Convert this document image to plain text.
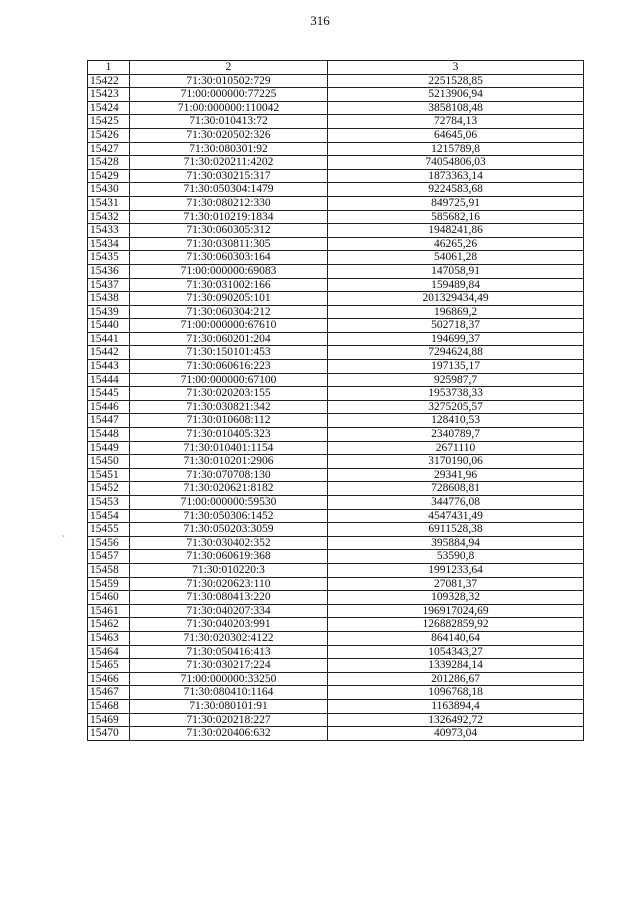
316
`
1	2	3
15422	71:30:010502:729	2251528,85
15423	71:00:000000:77225	5213906,94
15424	71:00:000000:110042	3858108,48
15425	71:30:010413:72	72784,13
15426	71:30:020502:326	64645,06
15427	71:30:080301:92	1215789,8
15428	71:30:020211:4202	74054806,03
15429	71:30:030215:317	1873363,14
15430	71:30:050304:1479	9224583,68
15431	71:30:080212:330	849725,91
15432	71:30:010219:1834	585682,16
15433	71:30:060305:312	1948241,86
15434	71:30:030811:305	46265,26
15435	71:30:060303:164	54061,28
15436	71:00:000000:69083	147058,91
15437	71:30:031002:166	159489,84
15438	71:30:090205:101	201329434,49
15439	71:30:060304:212	196869,2
15440	71:00:000000:67610	502718,37
15441	71:30:060201:204	194699,37
15442	71:30:150101:453	7294624,88
15443	71:30:060616:223	197135,17
15444	71:00:000000:67100	925987,7
15445	71:30:020203:155	1953738,33
15446	71:30:030821:342	3275205,57
15447	71:30:010608:112	128410,53
15448	71:30:010405:323	2340789,7
15449	71:30:010401:1154	2671110
15450	71:30:010201:2906	3170190,06
15451	71:30:070708:130	29341,96
15452	71:30:020621:8182	728608,81
15453	71:00:000000:59530	344776,08
15454	71:30:050306:1452	4547431,49
15455	71:30:050203:3059	6911528,38
15456	71:30:030402:352	395884,94
15457	71:30:060619:368	53590,8
15458	71:30:010220:3	1991233,64
15459	71:30:020623:110	27081,37
15460	71:30:080413:220	109328,32
15461	71:30:040207:334	196917024,69
15462	71:30:040203:991	126882859,92
15463	71:30:020302:4122	864140,64
15464	71:30:050416:413	1054343,27
15465	71:30:030217:224	1339284,14
15466	71:00:000000:33250	201286,67
15467	71:30:080410:1164	1096768,18
15468	71:30:080101:91	1163894,4
15469	71:30:020218:227	1326492,72
15470	71:30:020406:632	40973,04
